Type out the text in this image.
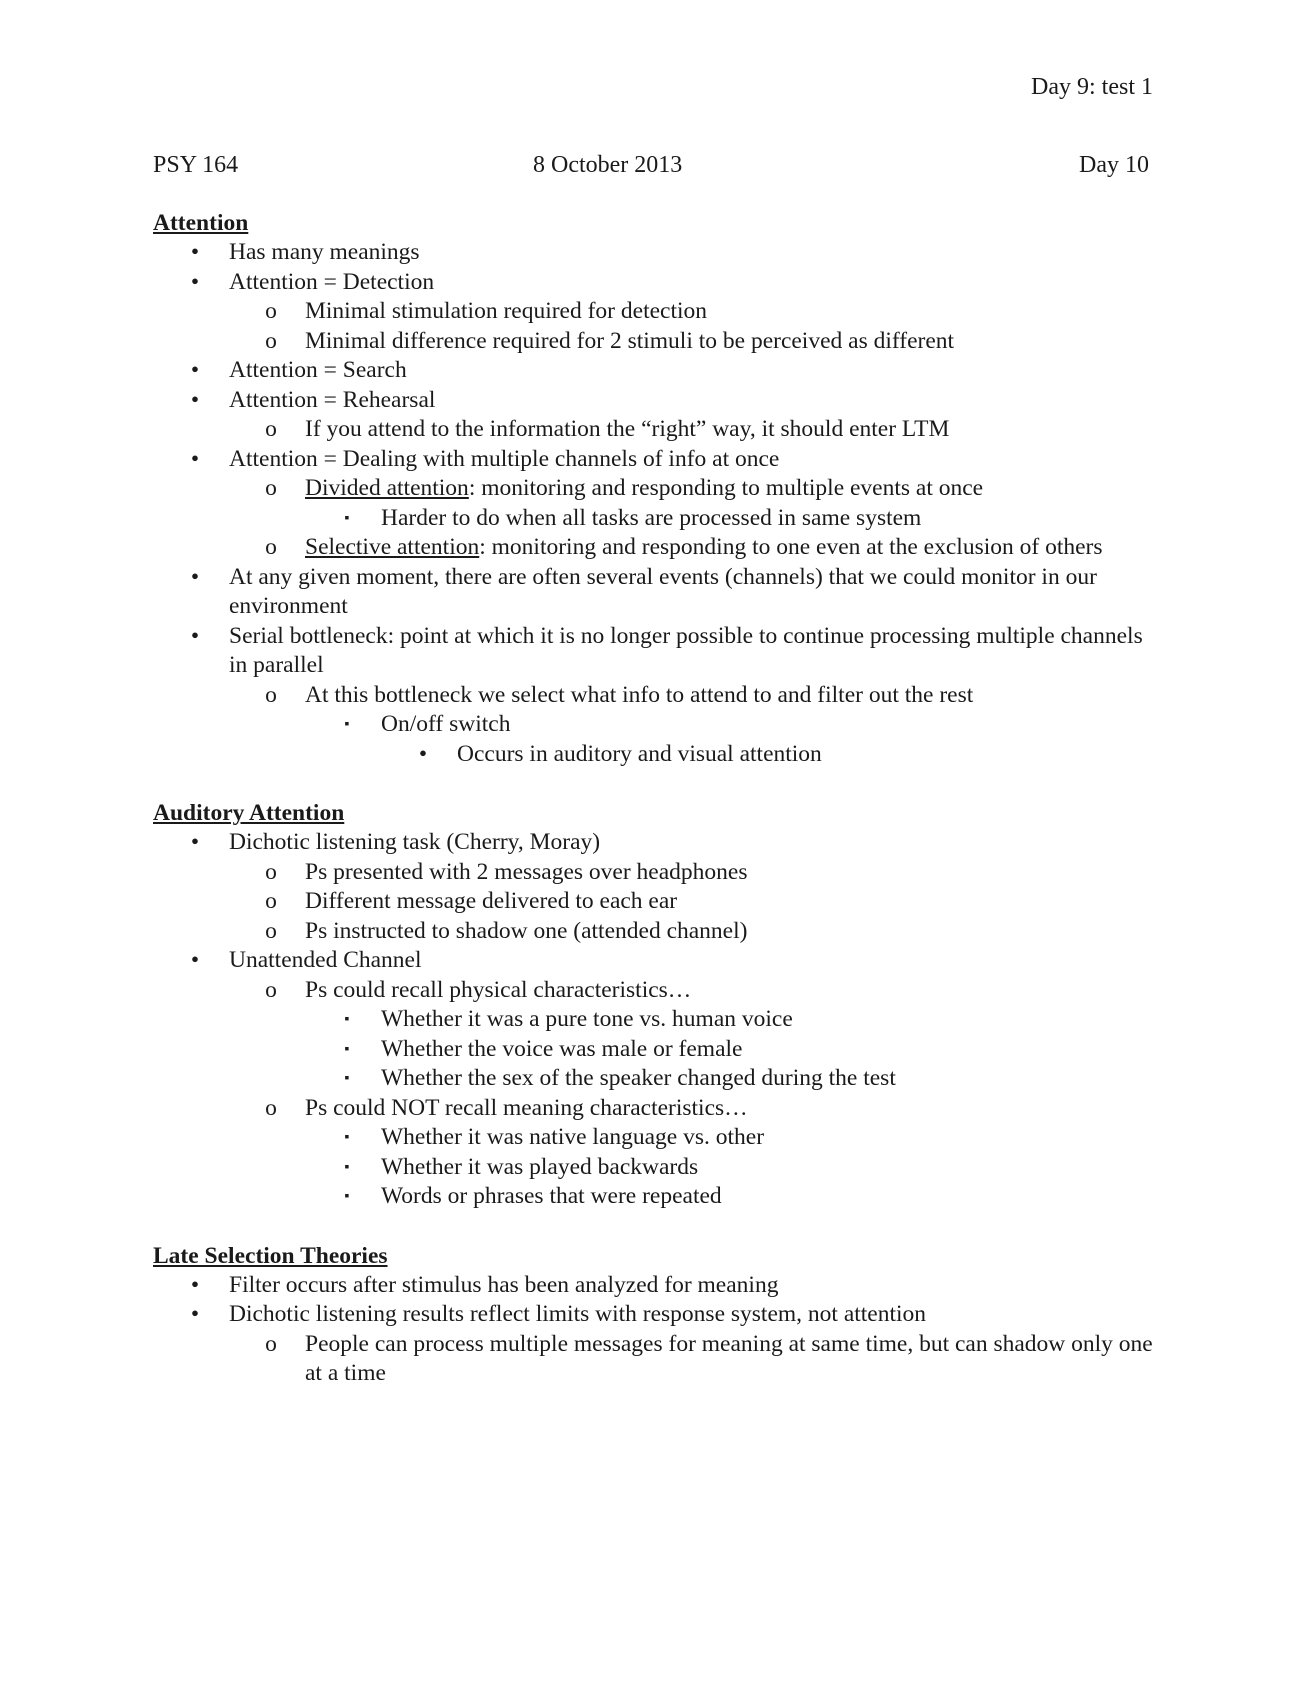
Day 9: test 1
PSY 164	8 October 2013	Day 10
Attention
• Has many meanings
• Attention = Detection
o Minimal stimulation required for detection
o Minimal difference required for 2 stimuli to be perceived as different
• Attention = Search
• Attention = Rehearsal
o If you attend to the information the “right” way, it should enter LTM
• Attention = Dealing with multiple channels of info at once
o Divided attention: monitoring and responding to multiple events at once
▪	Harder to do when all tasks are processed in same system
o Selective attention: monitoring and responding to one even at the exclusion of others
• At any given moment, there are often several events (channels) that we could monitor in our environment
• Serial bottleneck: point at which it is no longer possible to continue processing multiple channels in parallel
o At this bottleneck we select what info to attend to and filter out the rest
▪	On/off switch
• Occurs in auditory and visual attention
Auditory Attention
• Dichotic listening task (Cherry, Moray)
o Ps presented with 2 messages over headphones
o Different message delivered to each ear
o Ps instructed to shadow one (attended channel)
• Unattended Channel
o Ps could recall physical characteristics…
▪	Whether it was a pure tone vs. human voice
▪	Whether the voice was male or female
▪	Whether the sex of the speaker changed during the test
o Ps could NOT recall meaning characteristics…
▪	Whether it was native language vs. other
▪	Whether it was played backwards
▪	Words or phrases that were repeated
Late Selection Theories
• Filter occurs after stimulus has been analyzed for meaning
• Dichotic listening results reflect limits with response system, not attention
o People can process multiple messages for meaning at same time, but can shadow only one at a time
